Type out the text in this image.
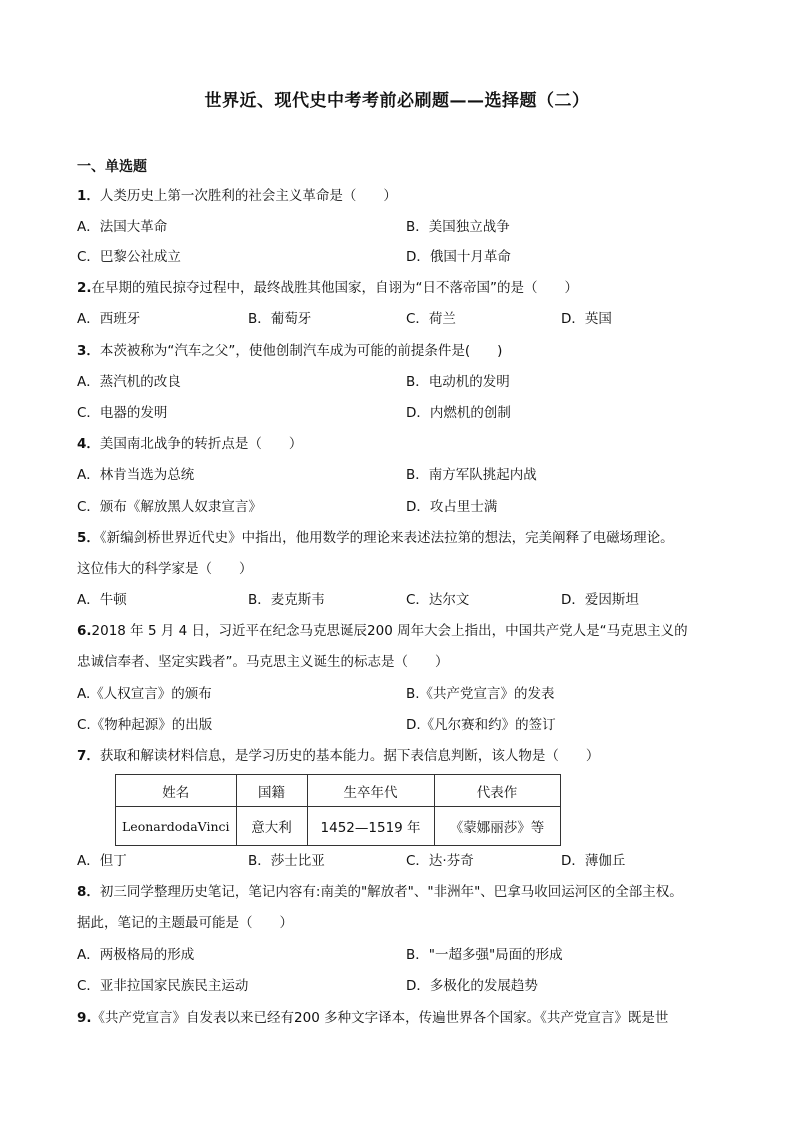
世界近、现代史中考考前必刷题——选择题（二）
一、单选题
1．人类历史上第一次胜利的社会主义革命是（　　）
A．法国大革命	B．美国独立战争
C．巴黎公社成立	D．俄国十月革命
2.在早期的殖民掠夺过程中，最终战胜其他国家，自诩为“日不落帝国”的是（　　）
A．西班牙	B．葡萄牙	C．荷兰	D．英国
3．本茨被称为“汽车之父”，使他创制汽车成为可能的前提条件是(　　)
A．蒸汽机的改良	B．电动机的发明
C．电器的发明	D．内燃机的创制
4．美国南北战争的转折点是（　　）
A．林肯当选为总统	B．南方军队挑起内战
C．颁布《解放黑人奴隶宣言》	D．攻占里士满
5．《新编剑桥世界近代史》中指出，他用数学的理论来表述法拉第的想法，完美阐释了电磁场理论。
这位伟大的科学家是（　　）
A．牛顿	B．麦克斯韦	C．达尔文	D．爱因斯坦
6.2018 年 5 月 4 日，习近平在纪念马克思诞辰200 周年大会上指出，中国共产党人是“马克思主义的
忠诚信奉者、坚定实践者”。马克思主义诞生的标志是（　　）
A.《人权宣言》的颁布	B.《共产党宣言》的发表
C.《物种起源》的出版	D.《凡尔赛和约》的签订
7．获取和解读材料信息，是学习历史的基本能力。据下表信息判断，该人物是（　　）
姓名	国籍	生卒年代	代表作
LeonardodaVinci	意大利	1452—1519 年	《蒙娜丽莎》等
A．但丁	B．莎士比亚	C．达·芬奇	D．薄伽丘
8．初三同学整理历史笔记，笔记内容有:南美的"解放者"、"非洲年"、巴拿马收回运河区的全部主权。
据此，笔记的主题最可能是（　　）
A．两极格局的形成	B．"一超多强"局面的形成
C．亚非拉国家民族民主运动	D．多极化的发展趋势
9.《共产党宣言》自发表以来已经有200 多种文字译本，传遍世界各个国家。《共产党宣言》既是世
